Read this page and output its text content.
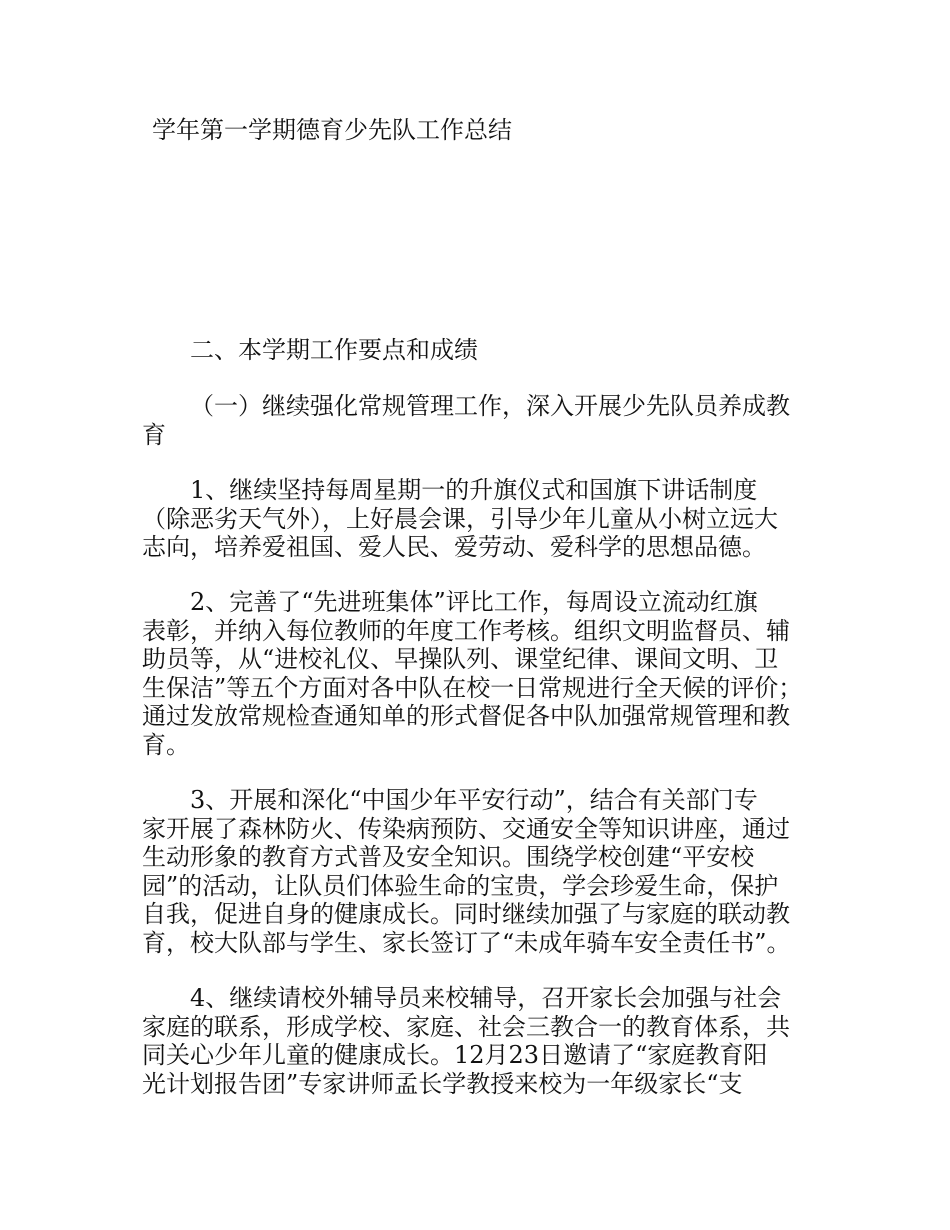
学年第一学期德育少先队工作总结

二、本学期工作要点和成绩

（一）继续强化常规管理工作，深入开展少先队员养成教
育

1、继续坚持每周星期一的升旗仪式和国旗下讲话制度
（除恶劣天气外），上好晨会课，引导少年儿童从小树立远大
志向，培养爱祖国、爱人民、爱劳动、爱科学的思想品德。

2、完善了“先进班集体”评比工作，每周设立流动红旗
表彰，并纳入每位教师的年度工作考核。组织文明监督员、辅
助员等，从“进校礼仪、早操队列、课堂纪律、课间文明、卫
生保洁”等五个方面对各中队在校一日常规进行全天候的评价；
通过发放常规检查通知单的形式督促各中队加强常规管理和教
育。

3、开展和深化“中国少年平安行动”，结合有关部门专
家开展了森林防火、传染病预防、交通安全等知识讲座，通过
生动形象的教育方式普及安全知识。围绕学校创建“平安校
园”的活动，让队员们体验生命的宝贵，学会珍爱生命，保护
自我，促进自身的健康成长。同时继续加强了与家庭的联动教
育，校大队部与学生、家长签订了“未成年骑车安全责任书”。

4、继续请校外辅导员来校辅导，召开家长会加强与社会
家庭的联系，形成学校、家庭、社会三教合一的教育体系，共
同关心少年儿童的健康成长。12月23日邀请了“家庭教育阳
光计划报告团”专家讲师孟长学教授来校为一年级家长“支
